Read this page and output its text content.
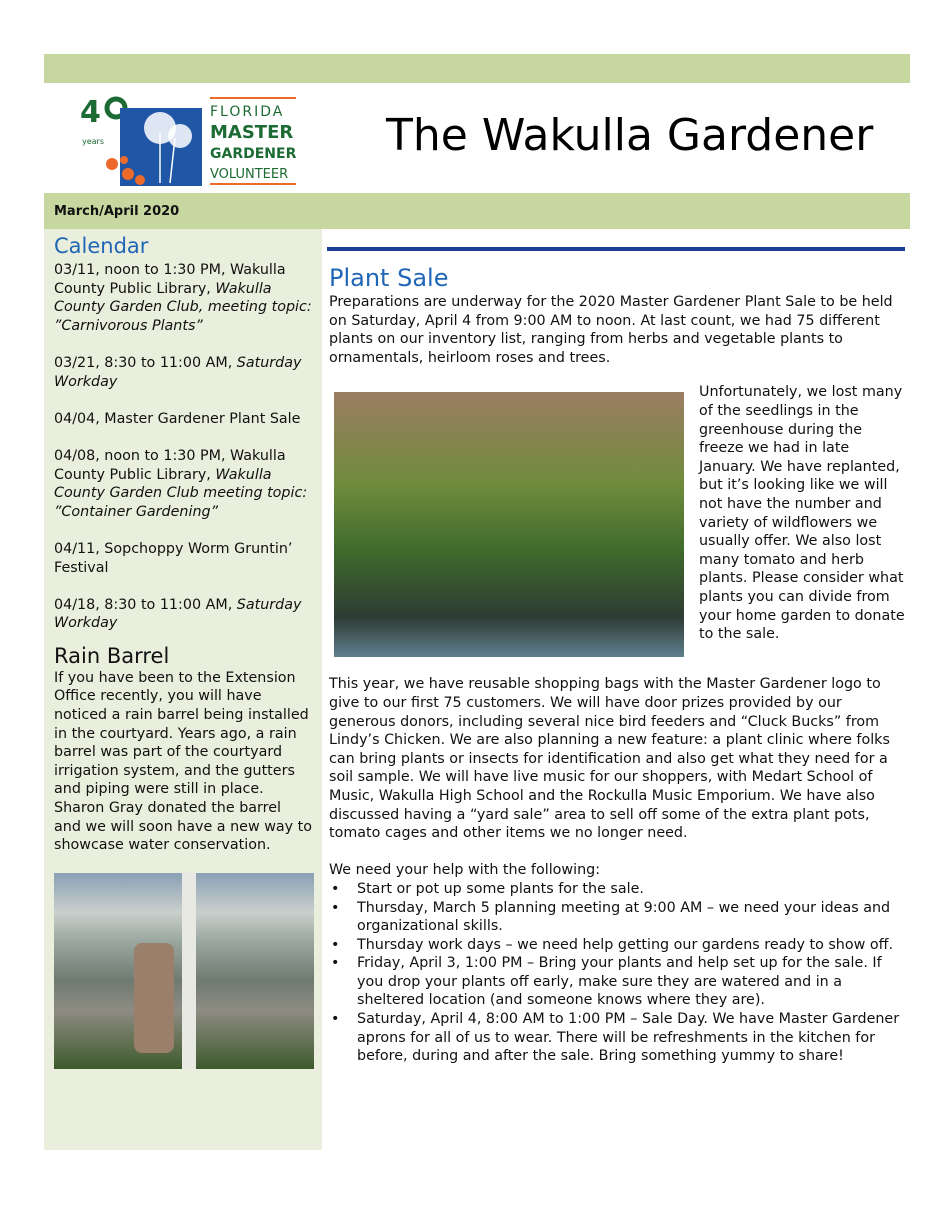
4
years
FLORIDA
MASTER
GARDENER
VOLUNTEER
The Wakulla Gardener
March/April 2020
Calendar

03/11, noon to 1:30 PM, Wakulla County Public Library, Wakulla County Garden Club, meeting topic: ”Carnivorous Plants”

03/21, 8:30 to 11:00 AM, Saturday Workday

04/04, Master Gardener Plant Sale

04/08, noon to 1:30 PM, Wakulla County Public Library, Wakulla County Garden Club meeting topic: ”Container Gardening”

04/11, Sopchoppy Worm Gruntin’ Festival

04/18, 8:30 to 11:00 AM, Saturday Workday

Rain Barrel

If you have been to the Extension Office recently, you will have noticed a rain barrel being installed in the courtyard. Years ago, a rain barrel was part of the courtyard irrigation system, and the gutters and piping were still in place. Sharon Gray donated the barrel and we will soon have a new way to showcase water conservation.

Plant Sale

Preparations are underway for the 2020 Master Gardener Plant Sale to be held on Saturday, April 4 from 9:00 AM to noon. At last count, we had 75 different plants on our inventory list, ranging from herbs and vegetable plants to ornamentals, heirloom roses and trees.

Unfortunately, we lost many of the seedlings in the greenhouse during the freeze we had in late January. We have replanted, but it’s looking like we will not have the number and variety of wildflowers we usually offer. We also lost many tomato and herb plants. Please consider what plants you can divide from your home garden to donate to the sale.

This year, we have reusable shopping bags with the Master Gardener logo to give to our first 75 customers. We will have door prizes provided by our generous donors, including several nice bird feeders and “Cluck Bucks” from Lindy’s Chicken. We are also planning a new feature: a plant clinic where folks can bring plants or insects for identification and also get what they need for a soil sample. We will have live music for our shoppers, with Medart School of Music, Wakulla High School and the Rockulla Music Emporium. We have also discussed having a “yard sale” area to sell off some of the extra plant pots, tomato cages and other items we no longer need.

We need your help with the following:

• Start or pot up some plants for the sale.
• Thursday, March 5 planning meeting at 9:00 AM – we need your ideas and organizational skills.
• Thursday work days – we need help getting our gardens ready to show off.
• Friday, April 3, 1:00 PM – Bring your plants and help set up for the sale. If you drop your plants off early, make sure they are watered and in a sheltered location (and someone knows where they are).
• Saturday, April 4, 8:00 AM to 1:00 PM – Sale Day. We have Master Gardener aprons for all of us to wear. There will be refreshments in the kitchen for before, during and after the sale. Bring something yummy to share!
